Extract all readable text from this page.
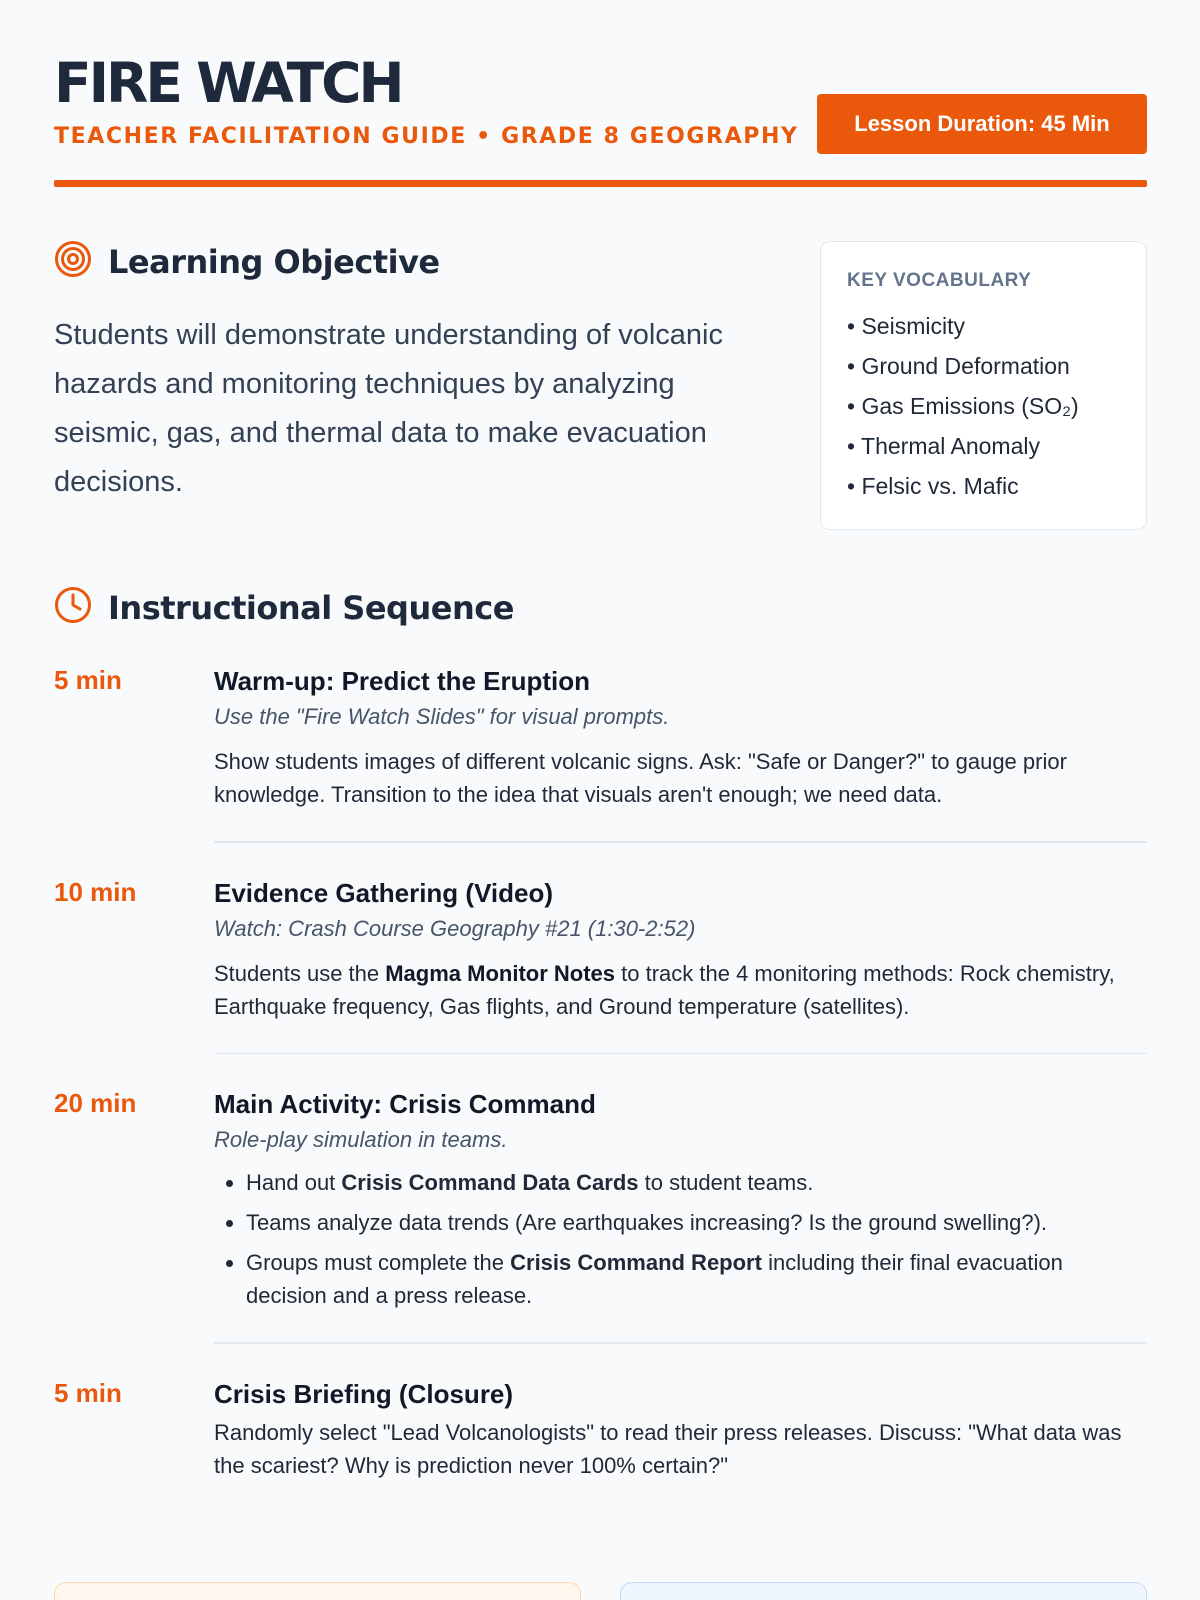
FIRE WATCH
TEACHER FACILITATION GUIDE • GRADE 8 GEOGRAPHY
Lesson Duration: 45 Min
Learning Objective

Students will demonstrate understanding of volcanic hazards and monitoring techniques by analyzing seismic, gas, and thermal data to make evacuation decisions.

KEY VOCABULARY
• Seismicity
• Ground Deformation
• Gas Emissions (SO₂)
• Thermal Anomaly
• Felsic vs. Mafic
Instructional Sequence
5 min	Warm-up: Predict the Eruption
Use the "Fire Watch Slides" for visual prompts.
Show students images of different volcanic signs. Ask: "Safe or Danger?" to gauge prior knowledge. Transition to the idea that visuals aren't enough; we need data.
10 min	Evidence Gathering (Video)
Watch: Crash Course Geography #21 (1:30-2:52)
Students use the Magma Monitor Notes to track the 4 monitoring methods: Rock chemistry, Earthquake frequency, Gas flights, and Ground temperature (satellites).
20 min	Main Activity: Crisis Command
Role-play simulation in teams.
• Hand out Crisis Command Data Cards to student teams.
• Teams analyze data trends (Are earthquakes increasing? Is the ground swelling?).
• Groups must complete the Crisis Command Report including their final evacuation decision and a press release.
5 min	Crisis Briefing (Closure)
Randomly select "Lead Volcanologists" to read their press releases. Discuss: "What data was the scariest? Why is prediction never 100% certain?"
